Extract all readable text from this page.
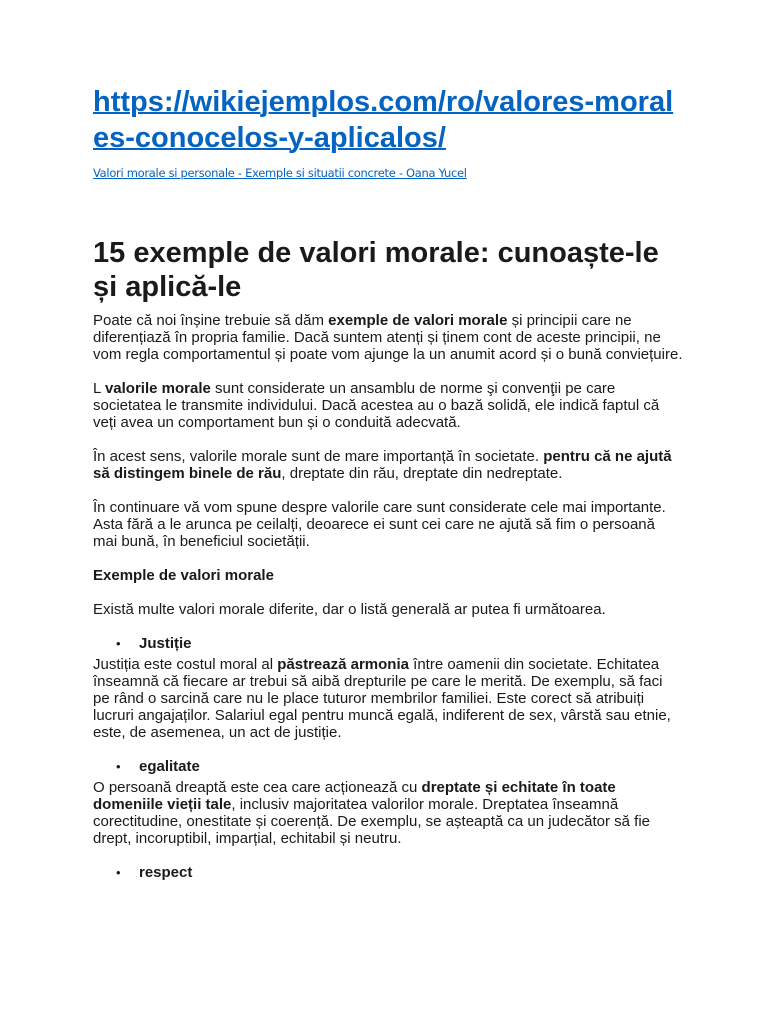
https://wikiejemplos.com/ro/valores-morales-conocelos-y-aplicalos/
Valori morale si personale - Exemple si situatii concrete - Oana Yucel
15 exemple de valori morale: cunoaște-le și aplică-le

Poate că noi înșine trebuie să dăm exemple de valori morale și principii care ne diferențiază în propria familie. Dacă suntem atenți și ținem cont de aceste principii, ne vom regla comportamentul și poate vom ajunge la un anumit acord și o bună conviețuire.

L valorile morale sunt considerate un ansamblu de norme şi convenţii pe care societatea le transmite individului. Dacă acestea au o bază solidă, ele indică faptul că veți avea un comportament bun și o conduită adecvată.

În acest sens, valorile morale sunt de mare importanță în societate. pentru că ne ajută să distingem binele de rău, dreptate din rău, dreptate din nedreptate.

În continuare vă vom spune despre valorile care sunt considerate cele mai importante. Asta fără a le arunca pe ceilalți, deoarece ei sunt cei care ne ajută să fim o persoană mai bună, în beneficiul societății.

Exemple de valori morale

Există multe valori morale diferite, dar o listă generală ar putea fi următoarea.

• Justiție

Justiția este costul moral al păstrează armonia între oamenii din societate. Echitatea înseamnă că fiecare ar trebui să aibă drepturile pe care le merită. De exemplu, să faci pe rând o sarcină care nu le place tuturor membrilor familiei. Este corect să atribuiți lucruri angajaților. Salariul egal pentru muncă egală, indiferent de sex, vârstă sau etnie, este, de asemenea, un act de justiție.

• egalitate

O persoană dreaptă este cea care acționează cu dreptate și echitate în toate domeniile vieții tale, inclusiv majoritatea valorilor morale. Dreptatea înseamnă corectitudine, onestitate și coerență. De exemplu, se așteaptă ca un judecător să fie drept, incoruptibil, imparțial, echitabil și neutru.

• respect
